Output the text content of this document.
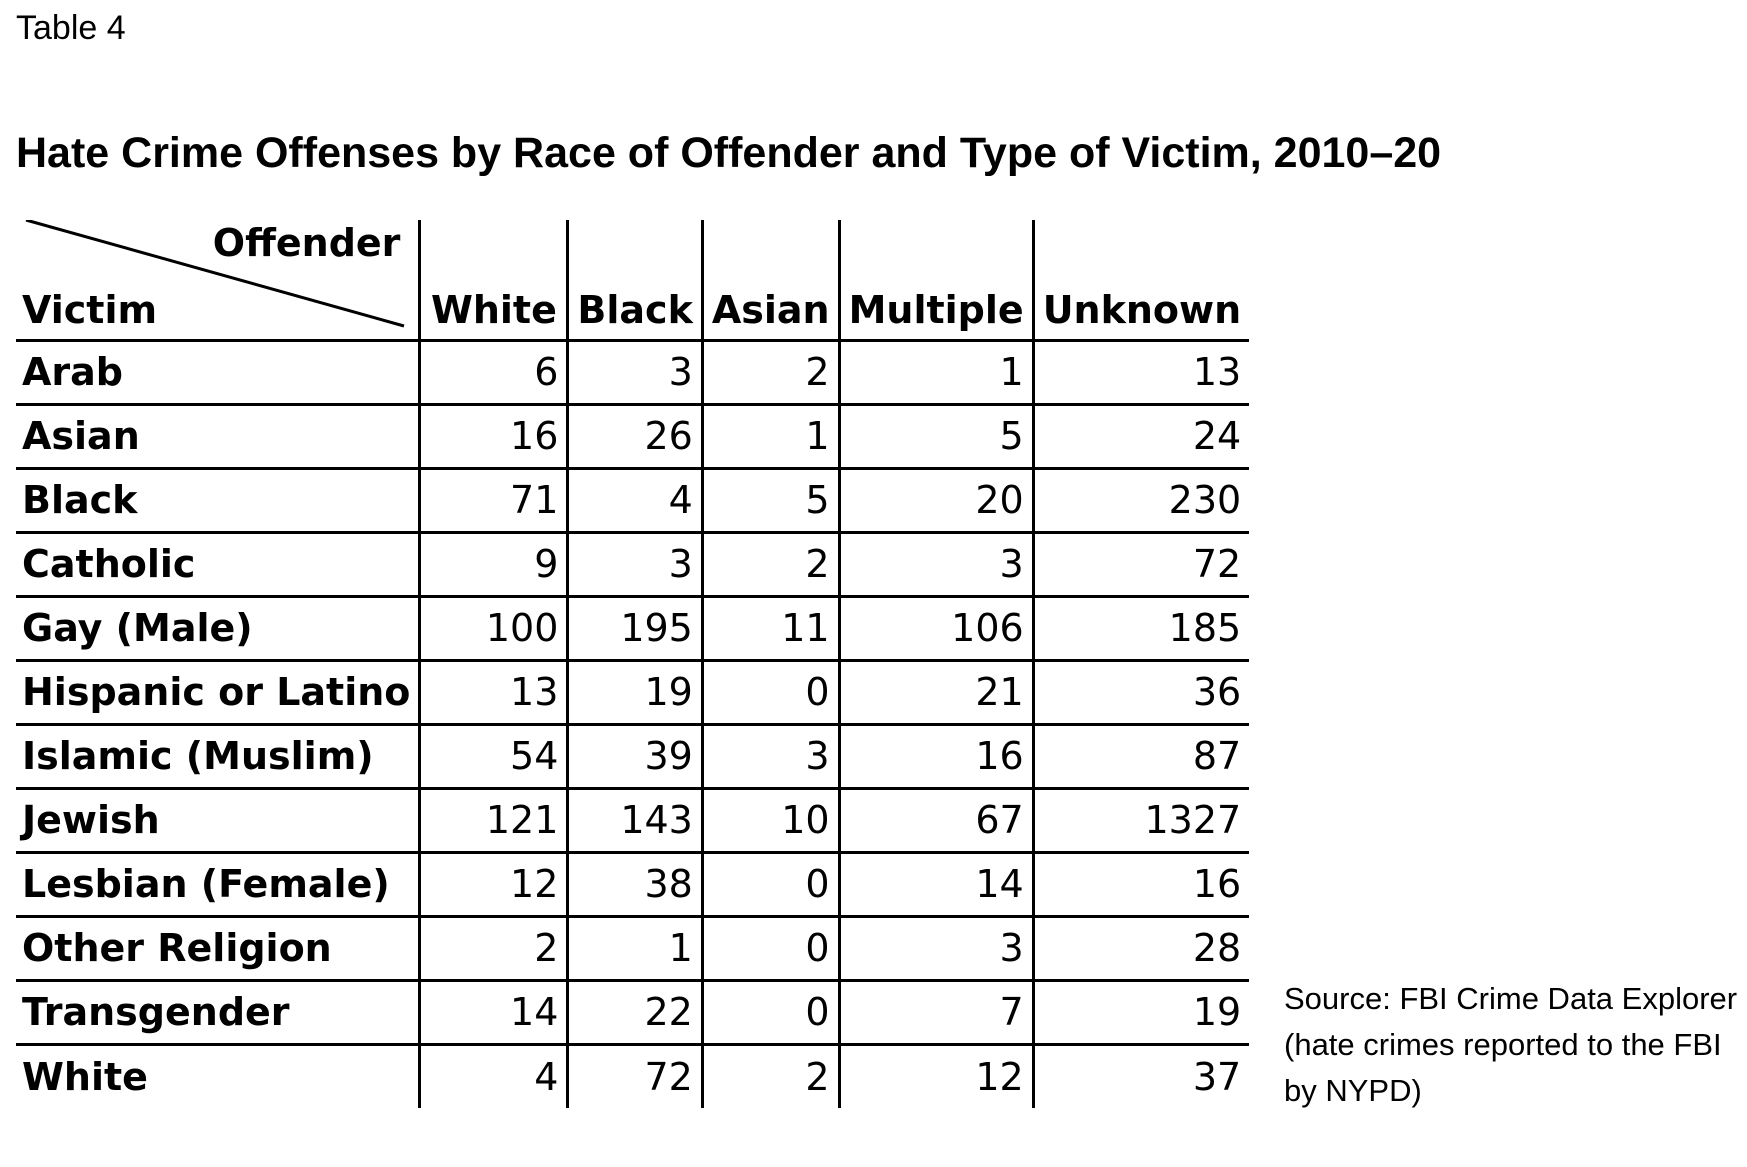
Table 4
Hate Crime Offenses by Race of Offender and Type of Victim, 2010–20
Offender
Victim	White	Black	Asian	Multiple	Unknown
Arab	6	3	2	1	13
Asian	16	26	1	5	24
Black	71	4	5	20	230
Catholic	9	3	2	3	72
Gay (Male)	100	195	11	106	185
Hispanic or Latino	13	19	0	21	36
Islamic (Muslim)	54	39	3	16	87
Jewish	121	143	10	67	1327
Lesbian (Female)	12	38	0	14	16
Other Religion	2	1	0	3	28
Transgender	14	22	0	7	19
White	4	72	2	12	37
Source: FBI Crime Data Explorer (hate crimes reported to the FBI by NYPD)
